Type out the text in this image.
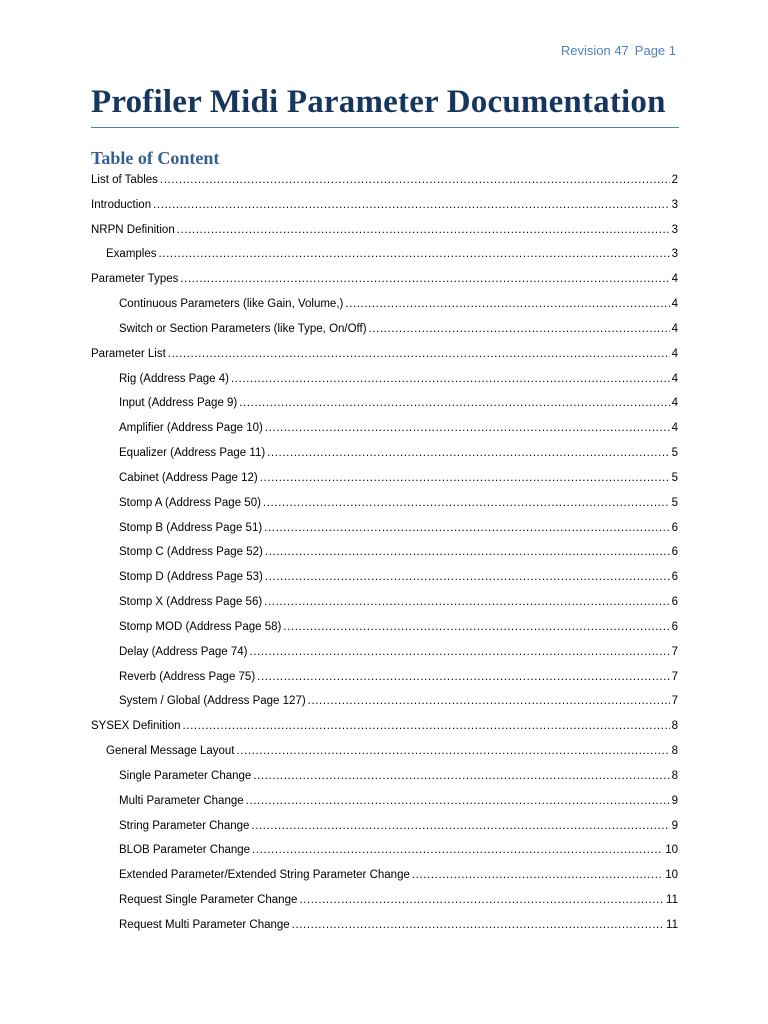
Revision 47 Page 1
Profiler Midi Parameter Documentation
Table of Content
List of Tables .....	2
Introduction .....	3
NRPN Definition .....	3
Examples .....	3
Parameter Types .....	4
Continuous Parameters (like Gain, Volume,) .....	4
Switch or Section Parameters (like Type, On/Off) .....	4
Parameter List .....	4
Rig (Address Page 4) .....	4
Input (Address Page 9) .....	4
Amplifier (Address Page 10) .....	4
Equalizer (Address Page 11) .....	5
Cabinet (Address Page 12) .....	5
Stomp A (Address Page 50) .....	5
Stomp B (Address Page 51) .....	6
Stomp C (Address Page 52) .....	6
Stomp D (Address Page 53) .....	6
Stomp X (Address Page 56) .....	6
Stomp MOD (Address Page 58) .....	6
Delay (Address Page 74) .....	7
Reverb (Address Page 75) .....	7
System / Global (Address Page 127) .....	7
SYSEX Definition .....	8
General Message Layout .....	8
Single Parameter Change .....	8
Multi Parameter Change .....	9
String Parameter Change .....	9
BLOB Parameter Change .....	10
Extended Parameter/Extended String Parameter Change .....	10
Request Single Parameter Change .....	11
Request Multi Parameter Change .....	11
